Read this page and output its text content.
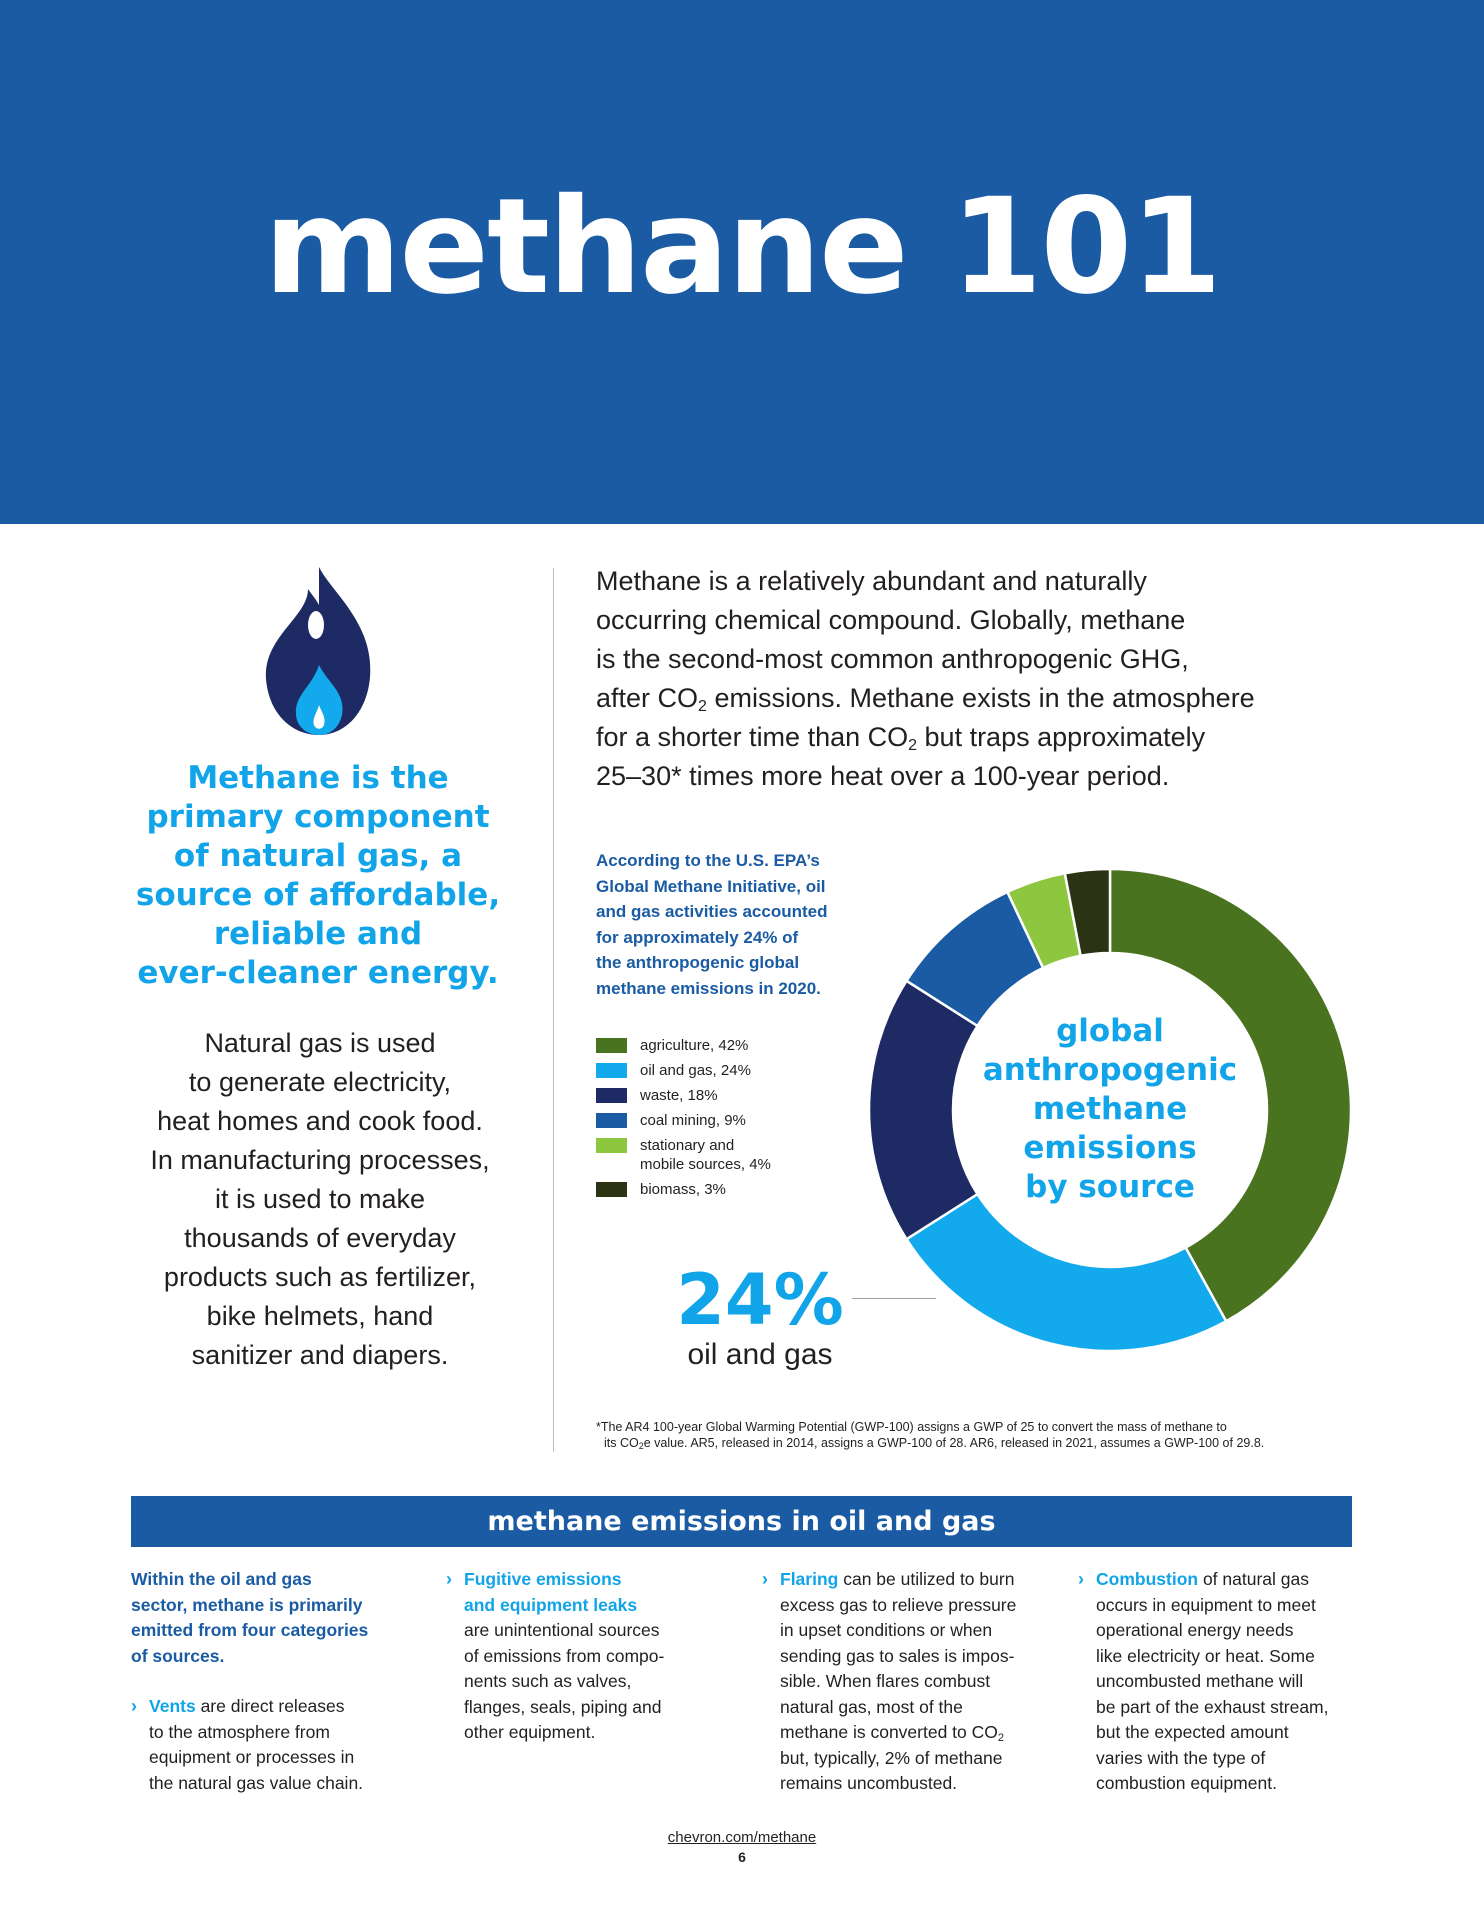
methane 101
Methane is the
primary component
of natural gas, a
source of affordable,
reliable and
ever-cleaner energy.
Natural gas is used
to generate electricity,
heat homes and cook food.
In manufacturing processes,
it is used to make
thousands of everyday
products such as fertilizer,
bike helmets, hand
sanitizer and diapers.
Methane is a relatively abundant and naturally
occurring chemical compound. Globally, methane
is the second-most common anthropogenic GHG,
after $CO_2$ emissions. Methane exists in the atmosphere
for a shorter time than $CO_2$ but traps approximately
25–30* times more heat over a 100-year period.
According to the U.S. EPA’s
Global Methane Initiative, oil
and gas activities accounted
for approximately 24% of
the anthropogenic global
methane emissions in 2020.
agriculture, 42%
oil and gas, 24%
waste, 18%
coal mining, 9%
stationary and
mobile sources, 4%
biomass, 3%
global
anthropogenic
methane
emissions
by source
24%
oil and gas
*The AR4 100-year Global Warming Potential (GWP-100) assigns a GWP of 25 to convert the mass of methane to
its $CO_2e$ value. AR5, released in 2014, assigns a GWP-100 of 28. AR6, released in 2021, assumes a GWP-100 of 29.8.
methane emissions in oil and gas
Within the oil and gas
sector, methane is primarily
emitted from four categories
of sources.
› Vents are direct releases
to the atmosphere from
equipment or processes in
the natural gas value chain.
› Fugitive emissions
and equipment leaks
are unintentional sources
of emissions from compo-
nents such as valves,
flanges, seals, piping and
other equipment.
› Flaring can be utilized to burn
excess gas to relieve pressure
in upset conditions or when
sending gas to sales is impos-
sible. When flares combust
natural gas, most of the
methane is converted to $CO_2$
but, typically, 2% of methane
remains uncombusted.
› Combustion of natural gas
occurs in equipment to meet
operational energy needs
like electricity or heat. Some
uncombusted methane will
be part of the exhaust stream,
but the expected amount
varies with the type of
combustion equipment.
chevron.com/methane
6
